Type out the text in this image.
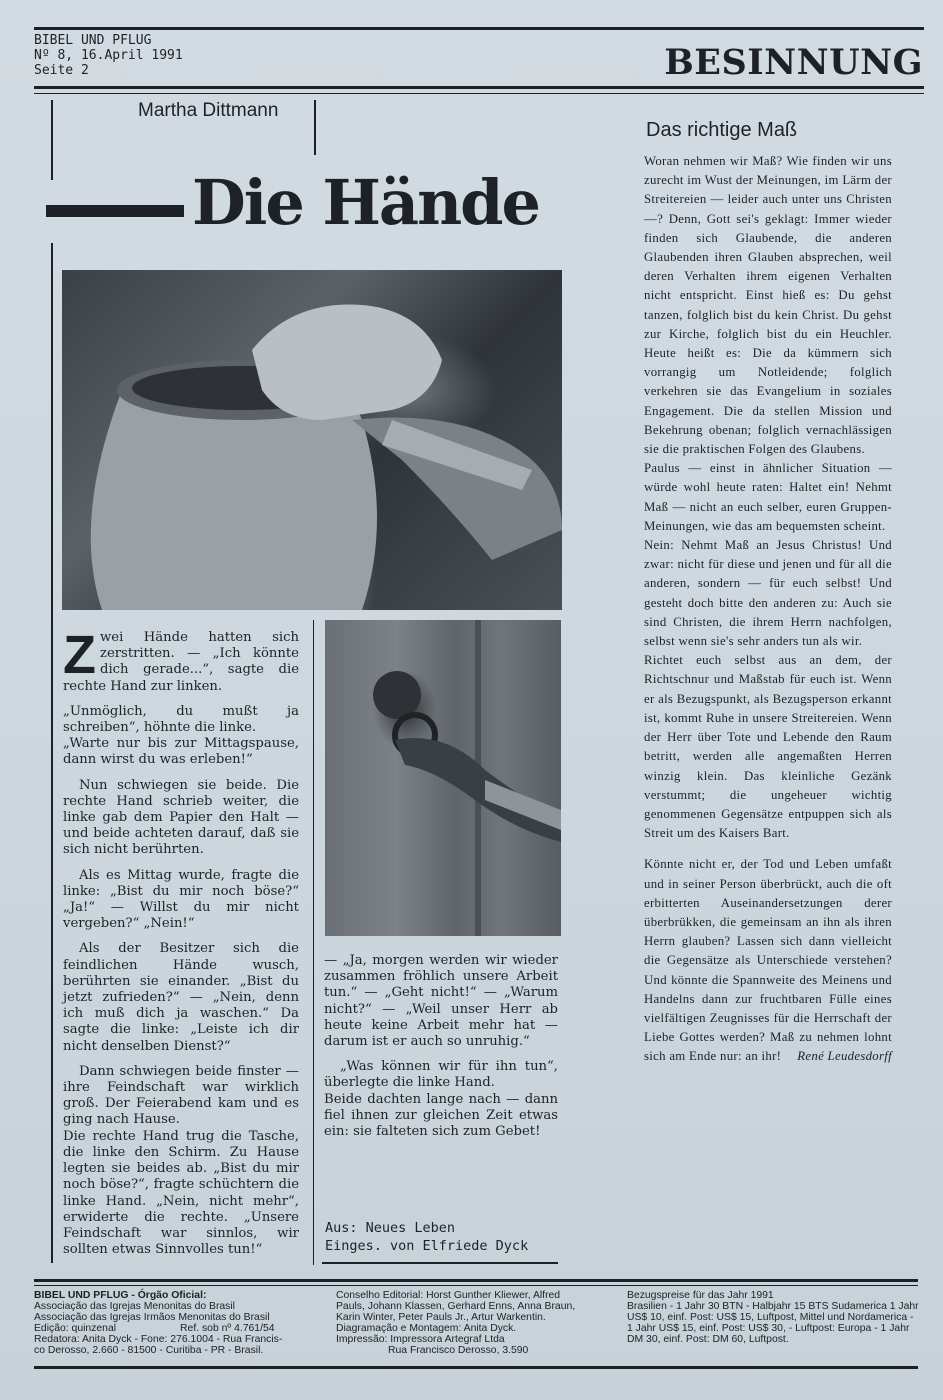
BIBEL UND PFLUG
Nº 8, 16.April 1991
Seite 2	BESINNUNG
Martha Dittmann
Die Hände

Zwei Hände hatten sich zerstritten. — „Ich könnte dich gerade...“, sagte die rechte Hand zur linken.

„Unmöglich, du mußt ja schreiben“, höhnte die linke.

„Warte nur bis zur Mittagspause, dann wirst du was erleben!“

Nun schwiegen sie beide. Die rechte Hand schrieb weiter, die linke gab dem Papier den Halt — und beide achteten darauf, daß sie sich nicht berührten.

Als es Mittag wurde, fragte die linke: „Bist du mir noch böse?“ „Ja!“ — Willst du mir nicht vergeben?“ „Nein!“

Als der Besitzer sich die feindlichen Hände wusch, berührten sie einander. „Bist du jetzt zufrieden?“ — „Nein, denn ich muß dich ja waschen.“ Da sagte die linke: „Leiste ich dir nicht denselben Dienst?“

Dann schwiegen beide finster — ihre Feindschaft war wirklich groß. Der Feierabend kam und es ging nach Hause.

Die rechte Hand trug die Tasche, die linke den Schirm. Zu Hause legten sie beides ab. „Bist du mir noch böse?“, fragte schüchtern die linke Hand. „Nein, nicht mehr“, erwiderte die rechte. „Unsere Feindschaft war sinnlos, wir sollten etwas Sinnvolles tun!“

— „Ja, morgen werden wir wieder zusammen fröhlich unsere Arbeit tun.“ — „Geht nicht!“ — „Warum nicht?“ — „Weil unser Herr ab heute keine Arbeit mehr hat — darum ist er auch so unruhig.“

„Was können wir für ihn tun“, überlegte die linke Hand.

Beide dachten lange nach — dann fiel ihnen zur gleichen Zeit etwas ein: sie falteten sich zum Gebet!

Aus: Neues Leben
Einges. von Elfriede Dyck
Das richtige Maß

Woran nehmen wir Maß? Wie finden wir uns zurecht im Wust der Meinungen, im Lärm der Streitereien — leider auch unter uns Christen —? Denn, Gott sei's geklagt: Immer wieder finden sich Glaubende, die anderen Glaubenden ihren Glauben absprechen, weil deren Verhalten ihrem eigenen Verhalten nicht entspricht. Einst hieß es: Du gehst tanzen, folglich bist du kein Christ. Du gehst zur Kirche, folglich bist du ein Heuchler. Heute heißt es: Die da kümmern sich vorrangig um Notleidende; folglich verkehren sie das Evangelium in soziales Engagement. Die da stellen Mission und Bekehrung obenan; folglich vernachlässigen sie die praktischen Folgen des Glaubens.

Paulus — einst in ähnlicher Situation — würde wohl heute raten: Haltet ein! Nehmt Maß — nicht an euch selber, euren Gruppen-Meinungen, wie das am bequemsten scheint.

Nein: Nehmt Maß an Jesus Christus! Und zwar: nicht für diese und jenen und für all die anderen, sondern — für euch selbst! Und gesteht doch bitte den anderen zu: Auch sie sind Christen, die ihrem Herrn nachfolgen, selbst wenn sie's sehr anders tun als wir.

Richtet euch selbst aus an dem, der Richtschnur und Maßstab für euch ist. Wenn er als Bezugspunkt, als Bezugsperson erkannt ist, kommt Ruhe in unsere Streitereien. Wenn der Herr über Tote und Lebende den Raum betritt, werden alle angemaßten Herren winzig klein. Das kleinliche Gezänk verstummt; die ungeheuer wichtig genommenen Gegensätze entpuppen sich als Streit um des Kaisers Bart.

Könnte nicht er, der Tod und Leben umfaßt und in seiner Person überbrückt, auch die oft erbitterten Auseinandersetzungen derer überbrükken, die gemeinsam an ihn als ihren Herrn glauben? Lassen sich dann vielleicht die Gegensätze als Unterschiede verstehen? Und könnte die Spannweite des Meinens und Handelns dann zur fruchtbaren Fülle eines vielfältigen Zeugnisses für die Herrschaft der Liebe Gottes werden? Maß zu nehmen lohnt sich am Ende nur: an ihr! René Leudesdorff

BIBEL UND PFLUG - Órgão Oficial:
Associação das Igrejas Menonitas do Brasil
Associação das Igrejas Irmãos Menonitas do Brasil
Edição: quinzenal	Ref. sob nº 4.761/54
Redatora: Anita Dyck - Fone: 276.1004 - Rua Francis-
co Derosso, 2.660 - 81500 - Curitiba - PR - Brasil.
Conselho Editorial: Horst Gunther Kliewer, Alfred
Pauls, Johann Klassen, Gerhard Enns, Anna Braun,
Karin Winter, Peter Pauls Jr., Artur Warkentin.
Diagramação e Montagem: Anita Dyck.
Impressão: Impressora Artegraf Ltda
Rua Francisco Derosso, 3.590
Bezugspreise für das Jahr 1991
Brasilien - 1 Jahr 30 BTN - Halbjahr 15 BTS Sudamerica 1 Jahr US$ 10, einf. Post: US$ 15, Luftpost, Mittel und Nordamerica - 1 Jahr US$ 15, einf. Post: US$ 30, - Luftpost: Europa - 1 Jahr DM 30, einf. Post: DM 60, Luftpost.
